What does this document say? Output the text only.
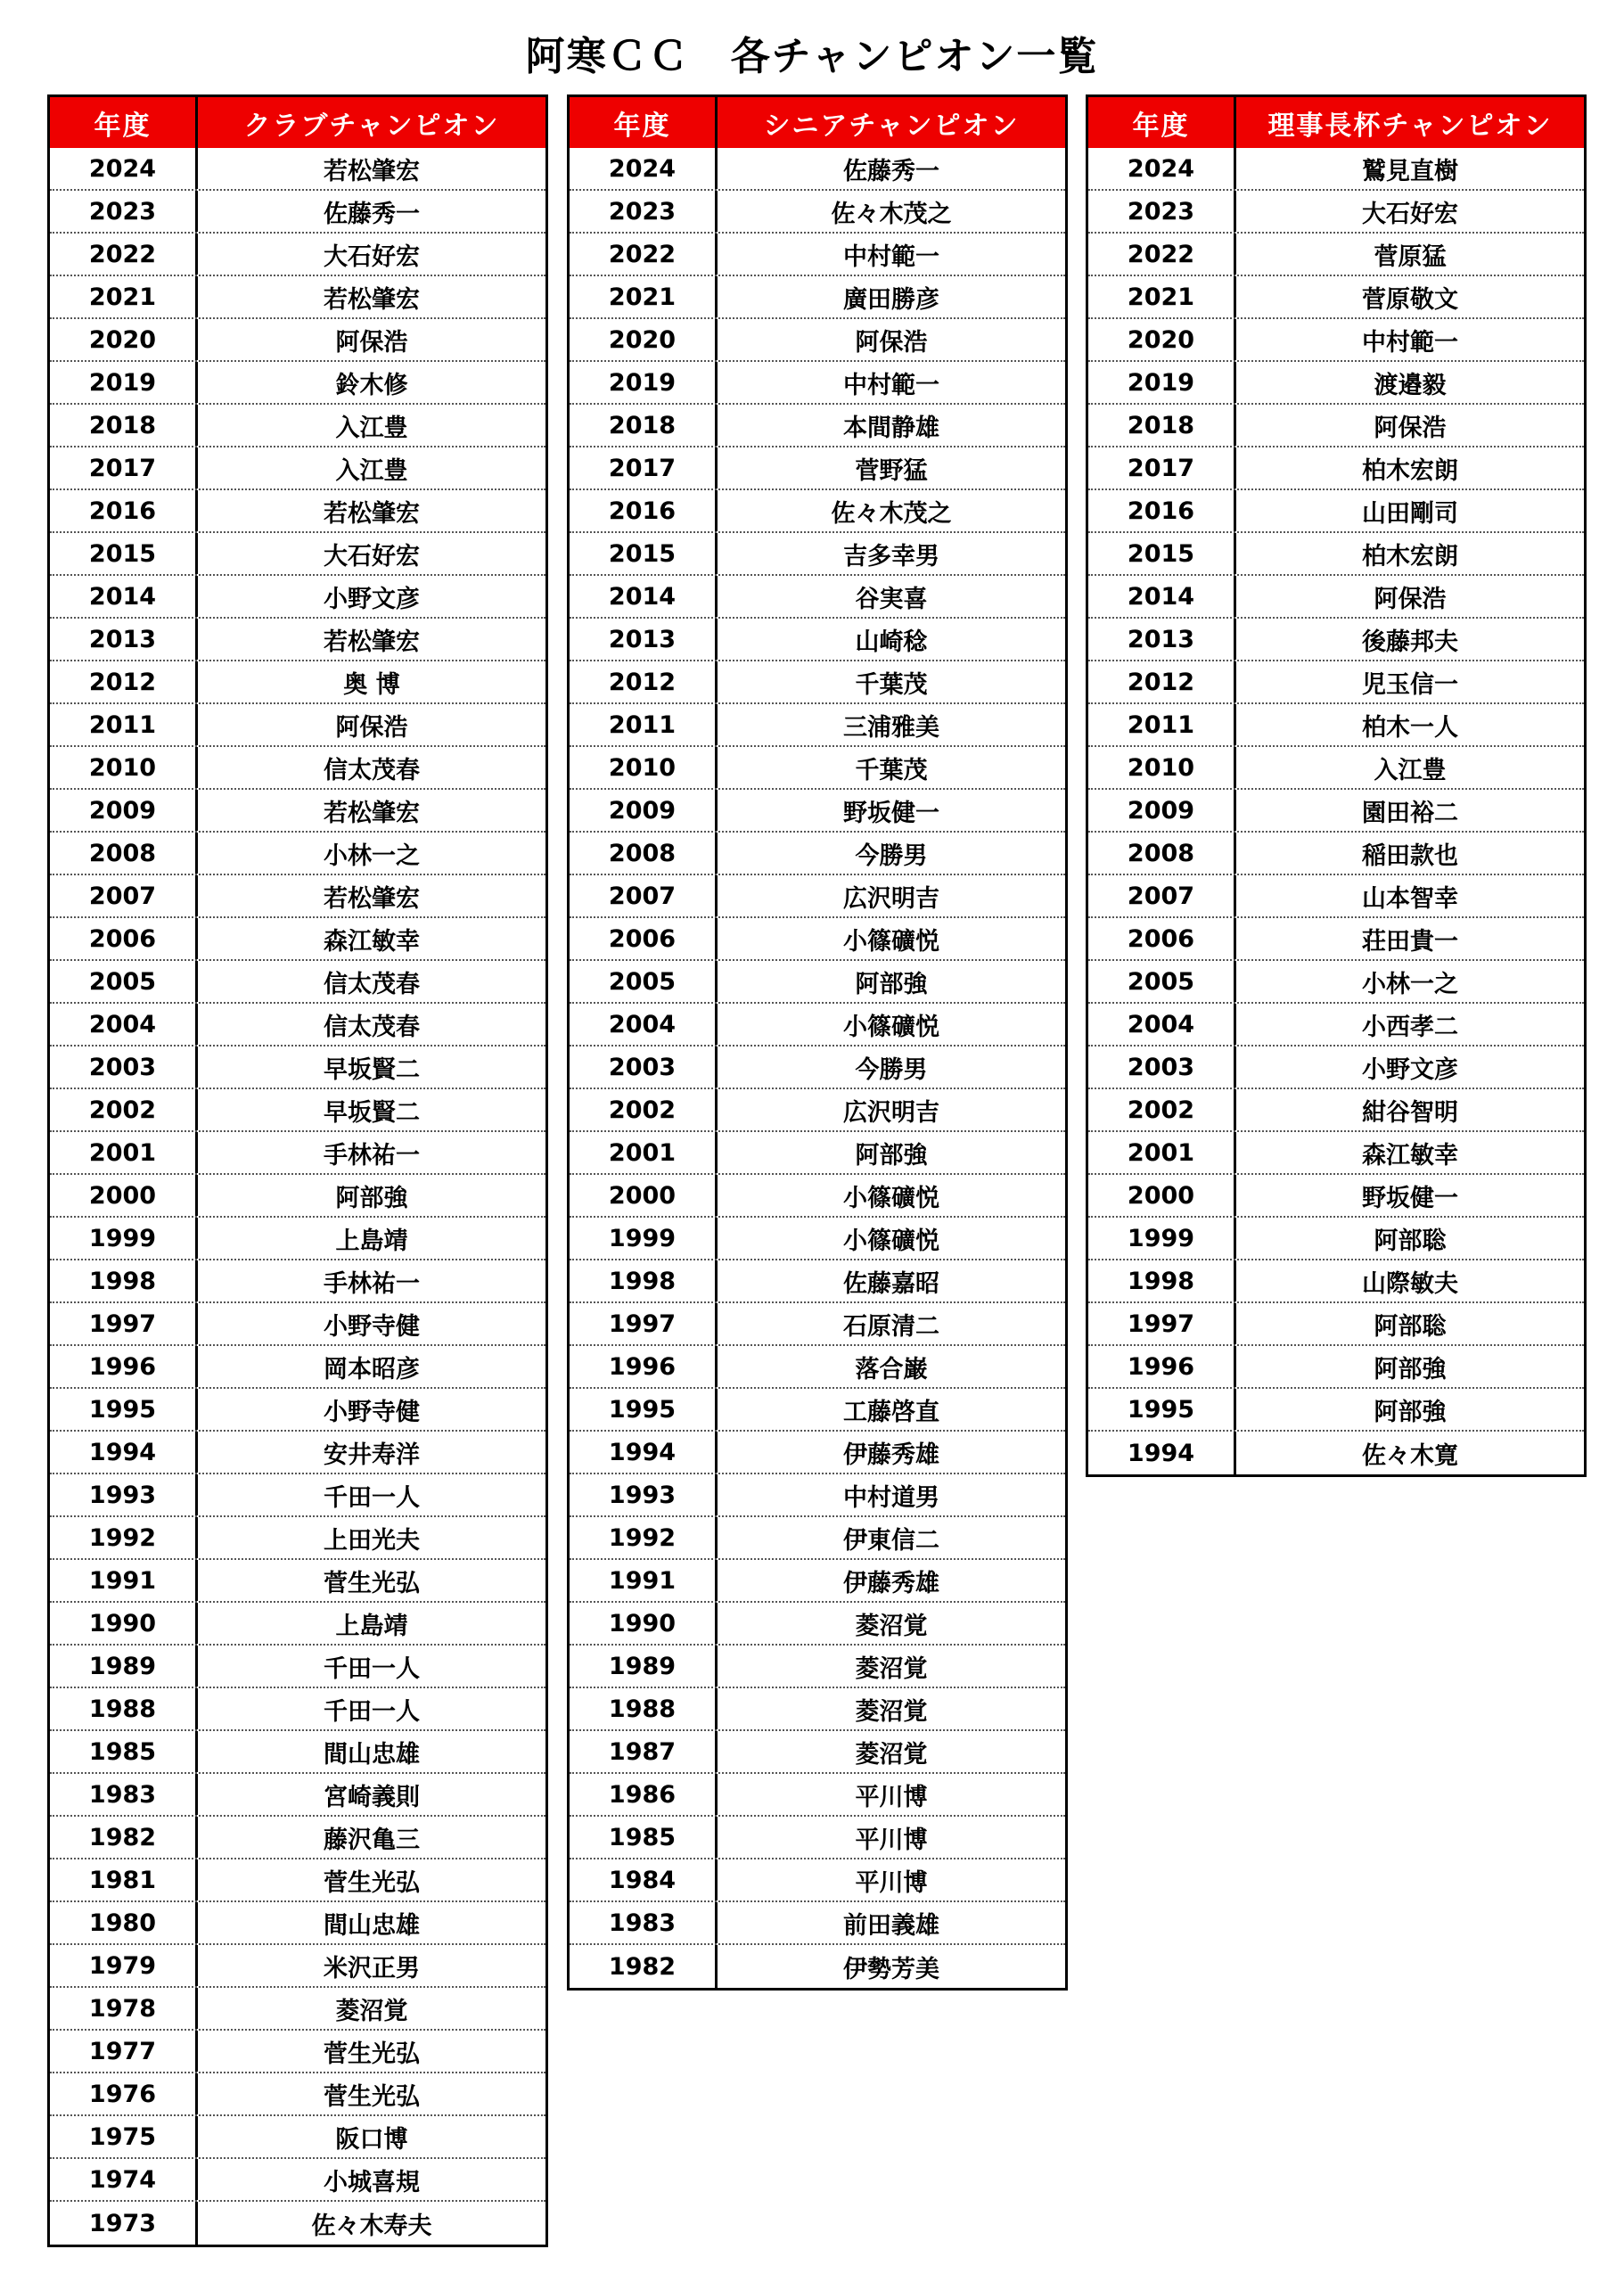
阿寒ＣＣ　各チャンピオン一覧
年度	クラブチャンピオン
2024	若松肇宏
2023	佐藤秀一
2022	大石好宏
2021	若松肇宏
2020	阿保浩
2019	鈴木修
2018	入江豊
2017	入江豊
2016	若松肇宏
2015	大石好宏
2014	小野文彦
2013	若松肇宏
2012	奥 博
2011	阿保浩
2010	信太茂春
2009	若松肇宏
2008	小林一之
2007	若松肇宏
2006	森江敏幸
2005	信太茂春
2004	信太茂春
2003	早坂賢二
2002	早坂賢二
2001	手林祐一
2000	阿部強
1999	上島靖
1998	手林祐一
1997	小野寺健
1996	岡本昭彦
1995	小野寺健
1994	安井寿洋
1993	千田一人
1992	上田光夫
1991	菅生光弘
1990	上島靖
1989	千田一人
1988	千田一人
1985	間山忠雄
1983	宮崎義則
1982	藤沢亀三
1981	菅生光弘
1980	間山忠雄
1979	米沢正男
1978	菱沼覚
1977	菅生光弘
1976	菅生光弘
1975	阪口博
1974	小城喜規
1973	佐々木寿夫
年度	シニアチャンピオン
2024	佐藤秀一
2023	佐々木茂之
2022	中村範一
2021	廣田勝彦
2020	阿保浩
2019	中村範一
2018	本間静雄
2017	菅野猛
2016	佐々木茂之
2015	吉多幸男
2014	谷実喜
2013	山崎稔
2012	千葉茂
2011	三浦雅美
2010	千葉茂
2009	野坂健一
2008	今勝男
2007	広沢明吉
2006	小篠礦悦
2005	阿部強
2004	小篠礦悦
2003	今勝男
2002	広沢明吉
2001	阿部強
2000	小篠礦悦
1999	小篠礦悦
1998	佐藤嘉昭
1997	石原清二
1996	落合巌
1995	工藤啓直
1994	伊藤秀雄
1993	中村道男
1992	伊東信二
1991	伊藤秀雄
1990	菱沼覚
1989	菱沼覚
1988	菱沼覚
1987	菱沼覚
1986	平川博
1985	平川博
1984	平川博
1983	前田義雄
1982	伊勢芳美
年度	理事長杯チャンピオン
2024	鷲見直樹
2023	大石好宏
2022	菅原猛
2021	菅原敬文
2020	中村範一
2019	渡邉毅
2018	阿保浩
2017	柏木宏朗
2016	山田剛司
2015	柏木宏朗
2014	阿保浩
2013	後藤邦夫
2012	児玉信一
2011	柏木一人
2010	入江豊
2009	園田裕二
2008	稲田款也
2007	山本智幸
2006	荘田貴一
2005	小林一之
2004	小西孝二
2003	小野文彦
2002	紺谷智明
2001	森江敏幸
2000	野坂健一
1999	阿部聡
1998	山際敏夫
1997	阿部聡
1996	阿部強
1995	阿部強
1994	佐々木寛
